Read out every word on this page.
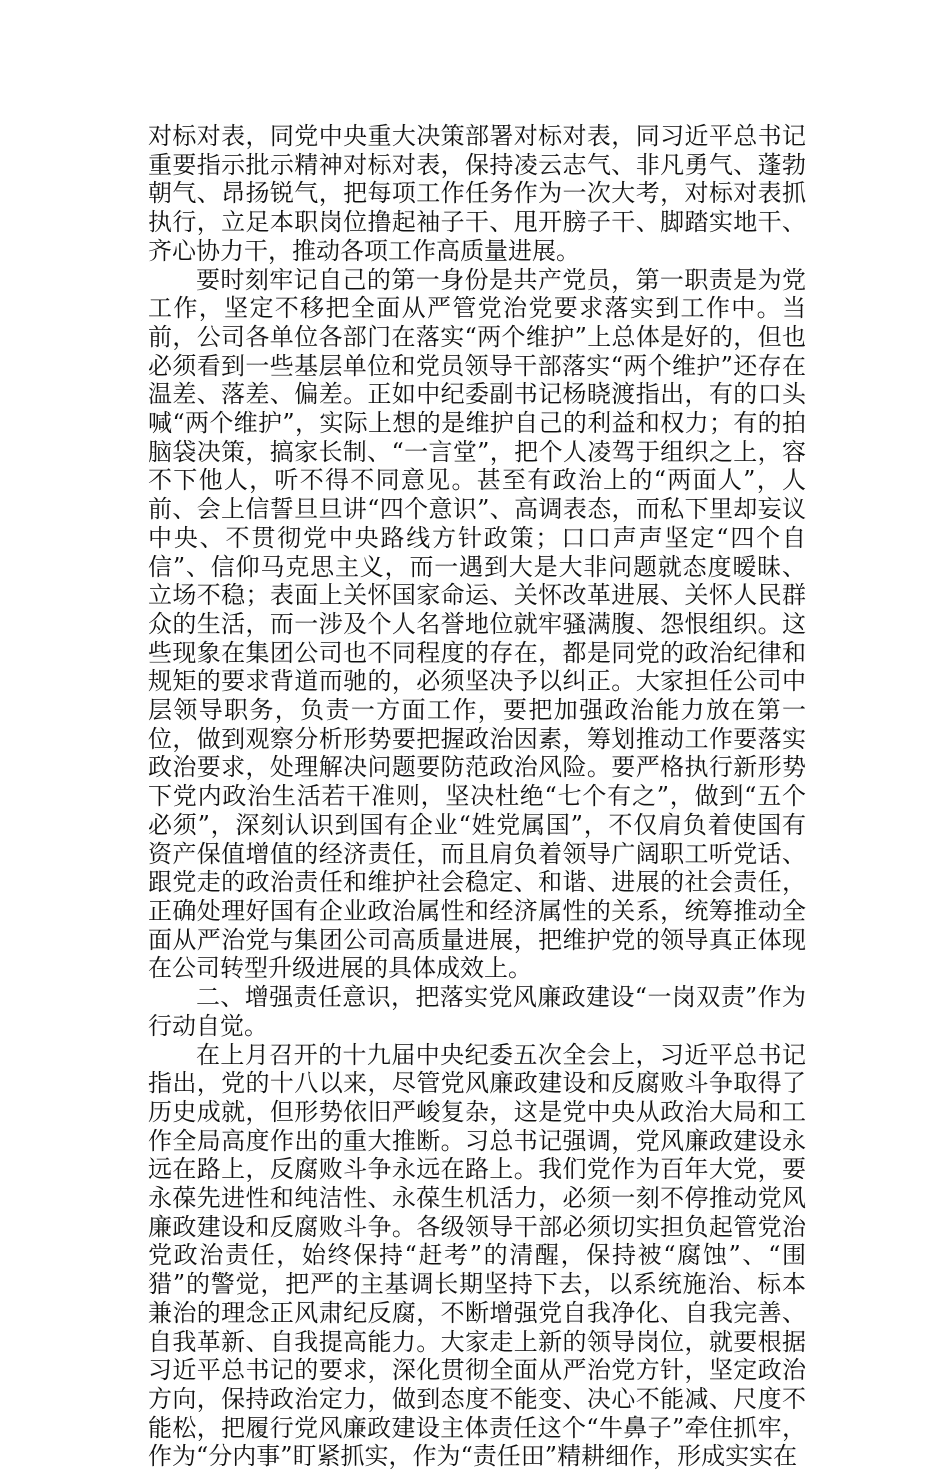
对标对表，同党中央重大决策部署对标对表，同习近平总书记重要指示批示精神对标对表，保持凌云志气、非凡勇气、蓬勃朝气、昂扬锐气，把每项工作任务作为一次大考，对标对表抓执行，立足本职岗位撸起袖子干、甩开膀子干、脚踏实地干、齐心协力干，推动各项工作高质量进展。

要时刻牢记自己的第一身份是共产党员，第一职责是为党工作，坚定不移把全面从严管党治党要求落实到工作中。当前，公司各单位各部门在落实“两个维护”上总体是好的，但也必须看到一些基层单位和党员领导干部落实“两个维护”还存在温差、落差、偏差。正如中纪委副书记杨晓渡指出，有的口头喊“两个维护”，实际上想的是维护自己的利益和权力；有的拍脑袋决策，搞家长制、“一言堂”，把个人凌驾于组织之上，容不下他人，听不得不同意见。甚至有政治上的“两面人”，人前、会上信誓旦旦讲“四个意识”、高调表态，而私下里却妄议中央、不贯彻党中央路线方针政策；口口声声坚定“四个自信”、信仰马克思主义，而一遇到大是大非问题就态度暧昧、立场不稳；表面上关怀国家命运、关怀改革进展、关怀人民群众的生活，而一涉及个人名誉地位就牢骚满腹、怨恨组织。这些现象在集团公司也不同程度的存在，都是同党的政治纪律和规矩的要求背道而驰的，必须坚决予以纠正。大家担任公司中层领导职务，负责一方面工作，要把加强政治能力放在第一位，做到观察分析形势要把握政治因素，筹划推动工作要落实政治要求，处理解决问题要防范政治风险。要严格执行新形势下党内政治生活若干准则，坚决杜绝“七个有之”，做到“五个必须”，深刻认识到国有企业“姓党属国”，不仅肩负着使国有资产保值增值的经济责任，而且肩负着领导广阔职工听党话、跟党走的政治责任和维护社会稳定、和谐、进展的社会责任，正确处理好国有企业政治属性和经济属性的关系，统筹推动全面从严治党与集团公司高质量进展，把维护党的领导真正体现在公司转型升级进展的具体成效上。

二、增强责任意识，把落实党风廉政建设“一岗双责”作为行动自觉。

在上月召开的十九届中央纪委五次全会上，习近平总书记指出，党的十八以来，尽管党风廉政建设和反腐败斗争取得了历史成就，但形势依旧严峻复杂，这是党中央从政治大局和工作全局高度作出的重大推断。习总书记强调，党风廉政建设永远在路上，反腐败斗争永远在路上。我们党作为百年大党，要永葆先进性和纯洁性、永葆生机活力，必须一刻不停推动党风廉政建设和反腐败斗争。各级领导干部必须切实担负起管党治党政治责任，始终保持“赶考”的清醒，保持被“腐蚀”、“围猎”的警觉，把严的主基调长期坚持下去，以系统施治、标本兼治的理念正风肃纪反腐，不断增强党自我净化、自我完善、自我革新、自我提高能力。大家走上新的领导岗位，就要根据习近平总书记的要求，深化贯彻全面从严治党方针，坚定政治方向，保持政治定力，做到态度不能变、决心不能减、尺度不能松，把履行党风廉政建设主体责任这个“牛鼻子”牵住抓牢，作为“分内事”盯紧抓实，作为“责任田”精耕细作，形成实实在
